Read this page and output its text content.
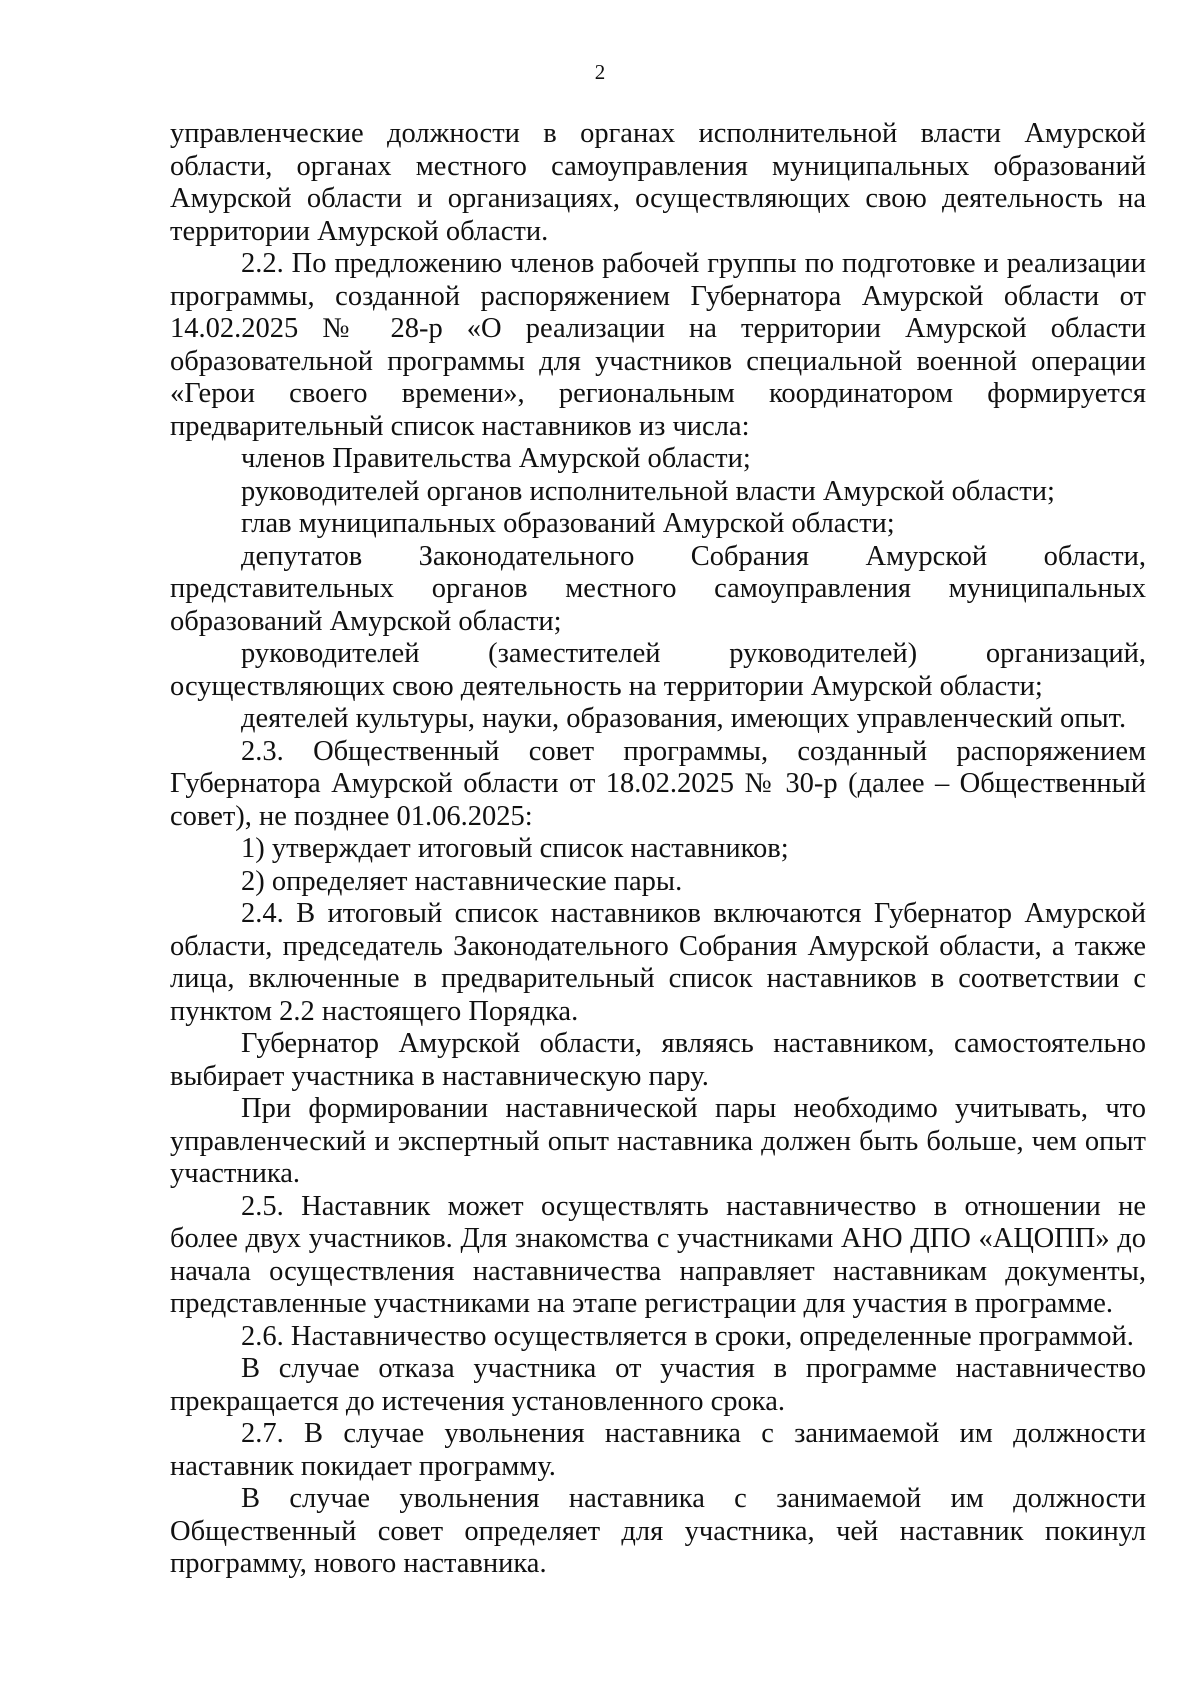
2

управленческие должности в органах исполнительной власти Амурской области, органах местного самоуправления муниципальных образований Амурской области и организациях, осуществляющих свою деятельность на территории Амурской области.

2.2. По предложению членов рабочей группы по подготовке и реализации программы, созданной распоряжением Губернатора Амурской области от 14.02.2025 № 28-р «О реализации на территории Амурской области образовательной программы для участников специальной военной операции «Герои своего времени», региональным координатором формируется предварительный список наставников из числа:

членов Правительства Амурской области;

руководителей органов исполнительной власти Амурской области;

глав муниципальных образований Амурской области;

депутатов Законодательного Собрания Амурской области, представительных органов местного самоуправления муниципальных образований Амурской области;

руководителей (заместителей руководителей) организаций, осуществляющих свою деятельность на территории Амурской области;

деятелей культуры, науки, образования, имеющих управленческий опыт.

2.3. Общественный совет программы, созданный распоряжением Губернатора Амурской области от 18.02.2025 № 30-р (далее – Общественный совет), не позднее 01.06.2025:

1) утверждает итоговый список наставников;

2) определяет наставнические пары.

2.4. В итоговый список наставников включаются Губернатор Амурской области, председатель Законодательного Собрания Амурской области, а также лица, включенные в предварительный список наставников в соответствии с пунктом 2.2 настоящего Порядка.

Губернатор Амурской области, являясь наставником, самостоятельно выбирает участника в наставническую пару.

При формировании наставнической пары необходимо учитывать, что управленческий и экспертный опыт наставника должен быть больше, чем опыт участника.

2.5. Наставник может осуществлять наставничество в отношении не более двух участников. Для знакомства с участниками АНО ДПО «АЦОПП» до начала осуществления наставничества направляет наставникам документы, представленные участниками на этапе регистрации для участия в программе.

2.6. Наставничество осуществляется в сроки, определенные программой.

В случае отказа участника от участия в программе наставничество прекращается до истечения установленного срока.

2.7. В случае увольнения наставника с занимаемой им должности наставник покидает программу.

В случае увольнения наставника с занимаемой им должности Общественный совет определяет для участника, чей наставник покинул программу, нового наставника.
